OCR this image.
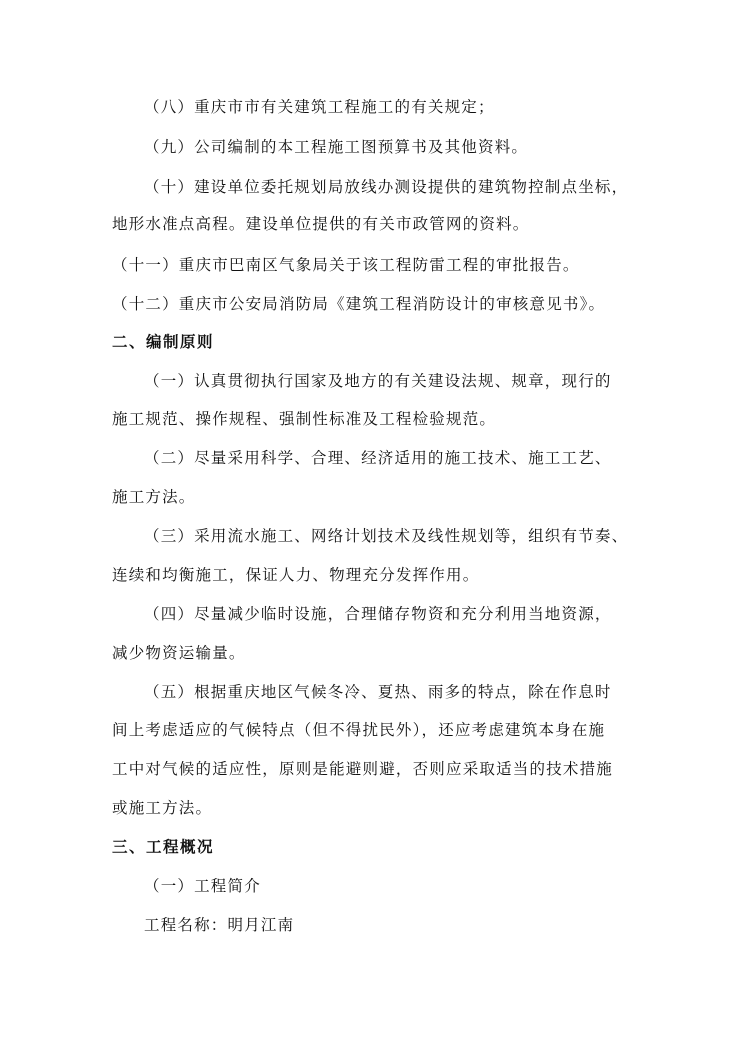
（八）重庆市市有关建筑工程施工的有关规定；
（九）公司编制的本工程施工图预算书及其他资料。
（十）建设单位委托规划局放线办测设提供的建筑物控制点坐标，
地形水准点高程。建设单位提供的有关市政管网的资料。
（十一）重庆市巴南区气象局关于该工程防雷工程的审批报告。
（十二）重庆市公安局消防局《建筑工程消防设计的审核意见书》。
二、编制原则
（一）认真贯彻执行国家及地方的有关建设法规、规章，现行的
施工规范、操作规程、强制性标准及工程检验规范。
（二）尽量采用科学、合理、经济适用的施工技术、施工工艺、
施工方法。
（三）采用流水施工、网络计划技术及线性规划等，组织有节奏、
连续和均衡施工，保证人力、物理充分发挥作用。
（四）尽量减少临时设施，合理储存物资和充分利用当地资源，
减少物资运输量。
（五）根据重庆地区气候冬冷、夏热、雨多的特点，除在作息时
间上考虑适应的气候特点（但不得扰民外），还应考虑建筑本身在施
工中对气候的适应性，原则是能避则避，否则应采取适当的技术措施
或施工方法。
三、工程概况
（一）工程简介
工程名称：明月江南
